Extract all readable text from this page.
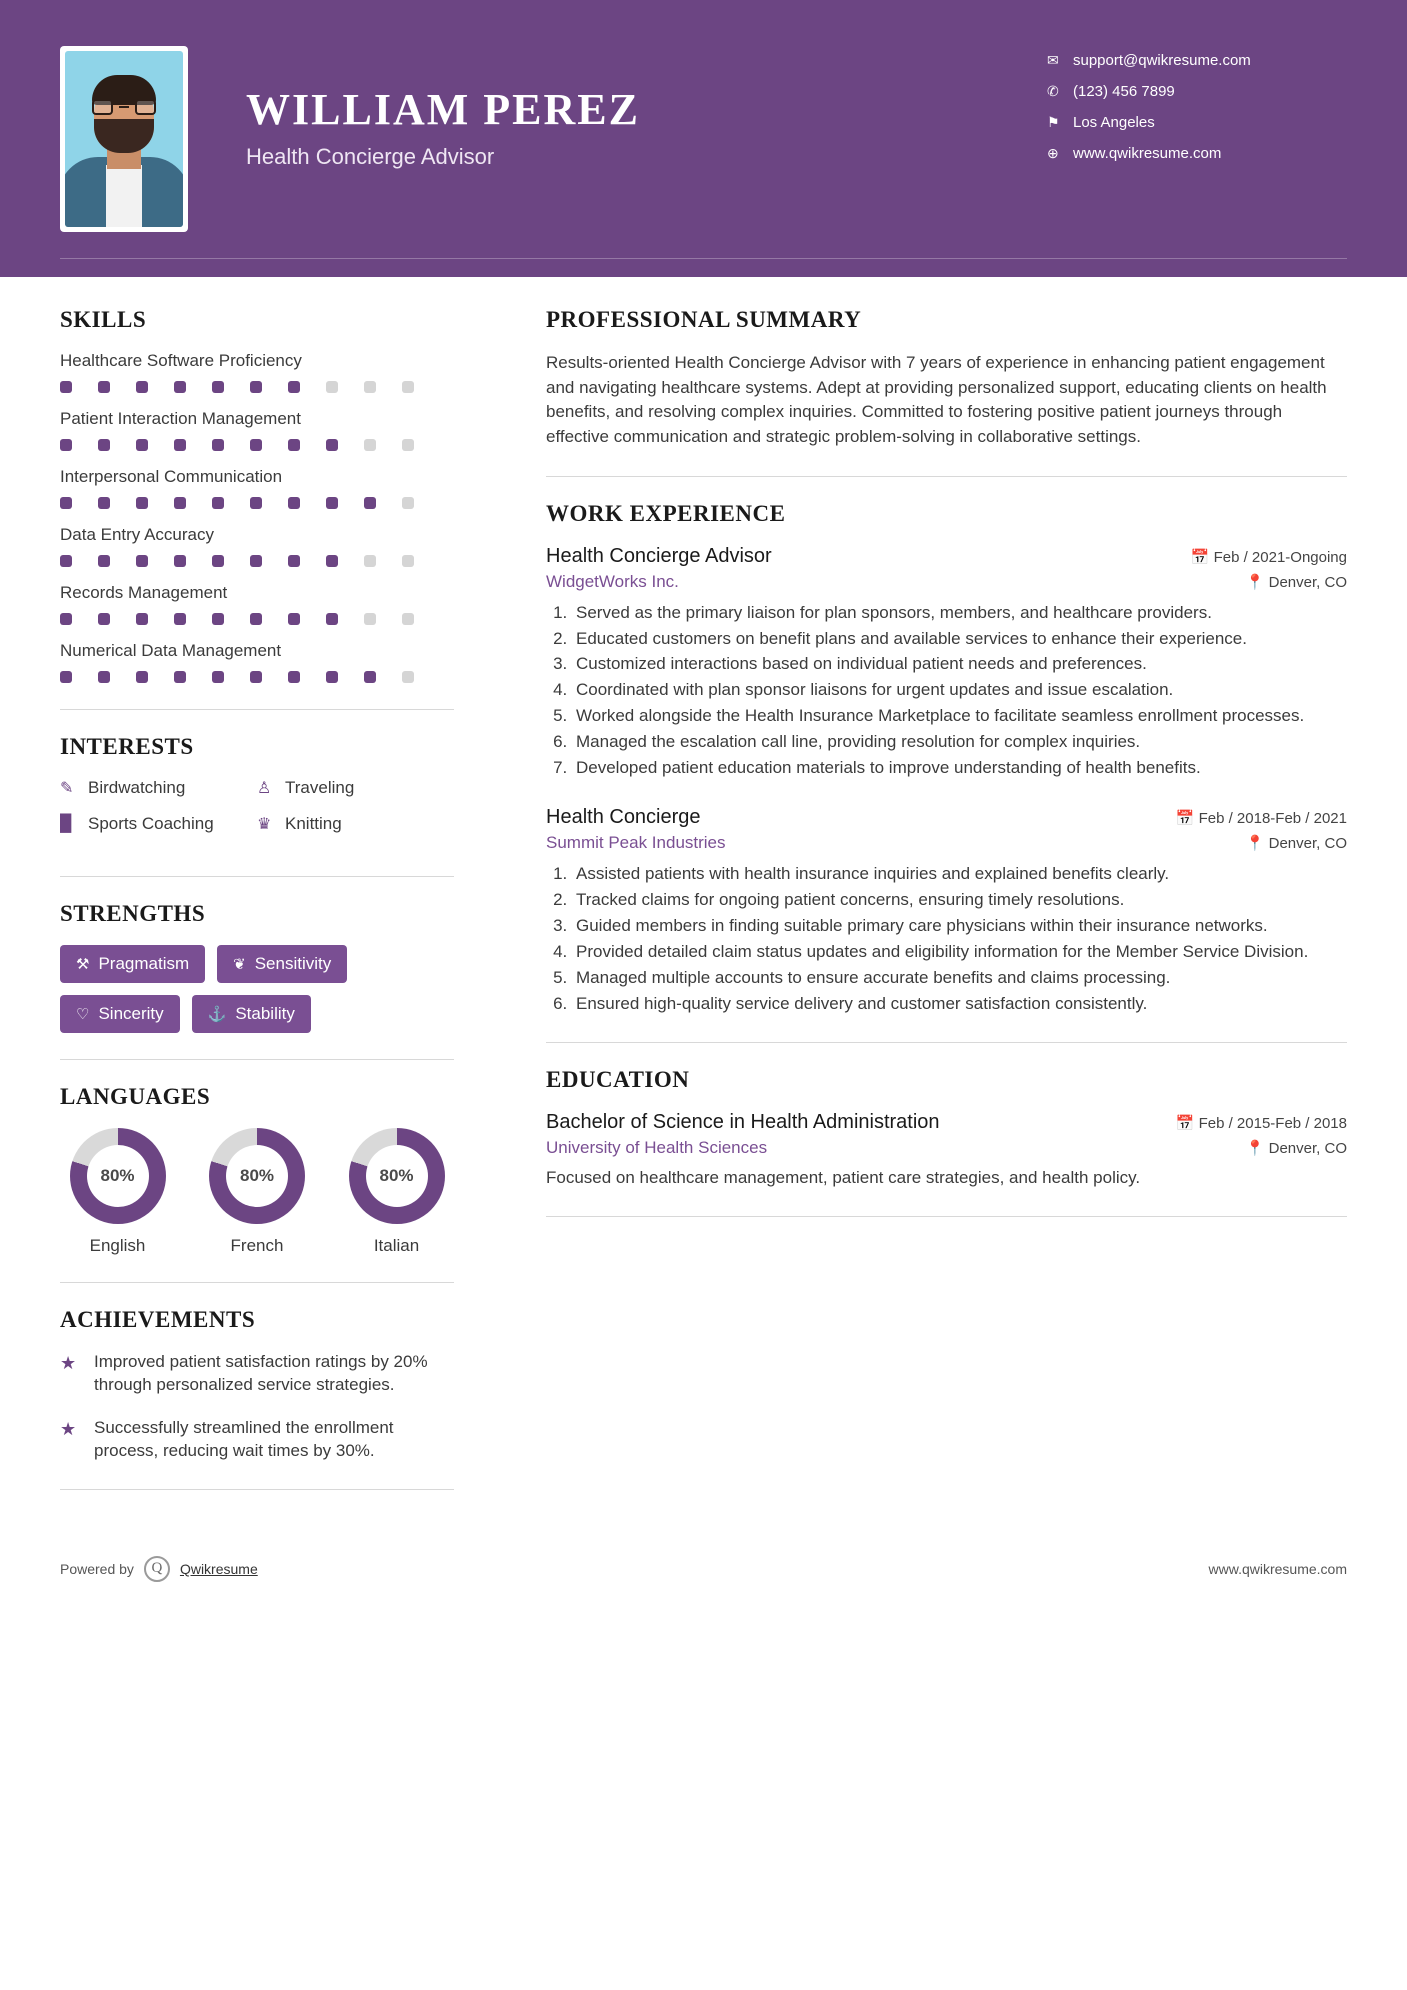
WILLIAM PEREZ
Health Concierge Advisor
✉ support@qwikresume.com
✆ (123) 456 7899
⚑ Los Angeles
⊕ www.qwikresume.com
SKILLS
Healthcare Software Proficiency
Patient Interaction Management
Interpersonal Communication
Data Entry Accuracy
Records Management
Numerical Data Management
INTERESTS
✎ Birdwatching	♙ Traveling
█ Sports Coaching	♛ Knitting
STRENGTHS
⚒ Pragmatism	❦ Sensitivity
♡ Sincerity	⚓ Stability
LANGUAGES
80%
English
80%
French
80%
Italian
ACHIEVEMENTS
★	Improved patient satisfaction ratings by 20% through personalized service strategies.

★	Successfully streamlined the enrollment process, reducing wait times by 30%.

PROFESSIONAL SUMMARY

Results-oriented Health Concierge Advisor with 7 years of experience in enhancing patient engagement and navigating healthcare systems. Adept at providing personalized support, educating clients on health benefits, and resolving complex inquiries. Committed to fostering positive patient journeys through effective communication and strategic problem-solving in collaborative settings.

WORK EXPERIENCE
Health Concierge Advisor	📅 Feb / 2021-Ongoing
WidgetWorks Inc.	📍 Denver, CO
1. Served as the primary liaison for plan sponsors, members, and healthcare providers.
2. Educated customers on benefit plans and available services to enhance their experience.
3. Customized interactions based on individual patient needs and preferences.
4. Coordinated with plan sponsor liaisons for urgent updates and issue escalation.
5. Worked alongside the Health Insurance Marketplace to facilitate seamless enrollment processes.
6. Managed the escalation call line, providing resolution for complex inquiries.
7. Developed patient education materials to improve understanding of health benefits.
Health Concierge	📅 Feb / 2018-Feb / 2021
Summit Peak Industries	📍 Denver, CO
1. Assisted patients with health insurance inquiries and explained benefits clearly.
2. Tracked claims for ongoing patient concerns, ensuring timely resolutions.
3. Guided members in finding suitable primary care physicians within their insurance networks.
4. Provided detailed claim status updates and eligibility information for the Member Service Division.
5. Managed multiple accounts to ensure accurate benefits and claims processing.
6. Ensured high-quality service delivery and customer satisfaction consistently.
EDUCATION
Bachelor of Science in Health Administration	📅 Feb / 2015-Feb / 2018
University of Health Sciences	📍 Denver, CO

Focused on healthcare management, patient care strategies, and health policy.

Powered by	Q	Qwikresume	www.qwikresume.com
